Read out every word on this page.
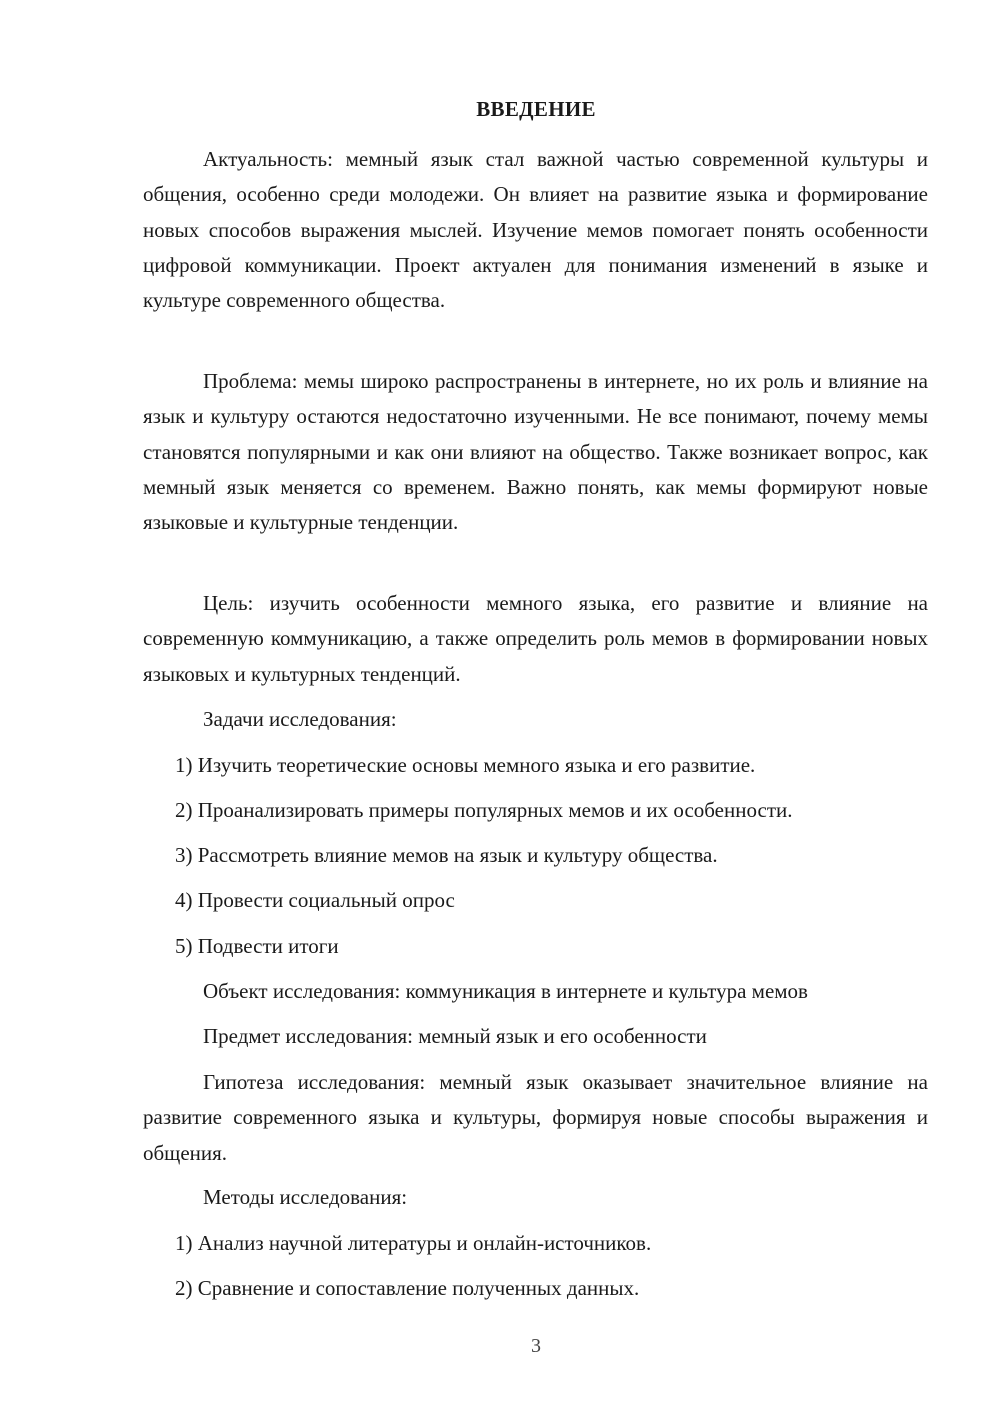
ВВЕДЕНИЕ

Актуальность: мемный язык стал важной частью современной культуры и общения, особенно среди молодежи. Он влияет на развитие языка и формирование новых способов выражения мыслей. Изучение мемов помогает понять особенности цифровой коммуникации. Проект актуален для понимания изменений в языке и культуре современного общества.

Проблема: мемы широко распространены в интернете, но их роль и влияние на язык и культуру остаются недостаточно изученными. Не все понимают, почему мемы становятся популярными и как они влияют на общество. Также возникает вопрос, как мемный язык меняется со временем. Важно понять, как мемы формируют новые языковые и культурные тенденции.

Цель: изучить особенности мемного языка, его развитие и влияние на современную коммуникацию, а также определить роль мемов в формировании новых языковых и культурных тенденций.

Задачи исследования:

1) Изучить теоретические основы мемного языка и его развитие.

2) Проанализировать примеры популярных мемов и их особенности.

3) Рассмотреть влияние мемов на язык и культуру общества.

4) Провести социальный опрос

5) Подвести итоги

Объект исследования: коммуникация в интернете и культура мемов

Предмет исследования: мемный язык и его особенности

Гипотеза исследования: мемный язык оказывает значительное влияние на развитие современного языка и культуры, формируя новые способы выражения и общения.

Методы исследования:

1) Анализ научной литературы и онлайн-источников.

2) Сравнение и сопоставление полученных данных.

3
